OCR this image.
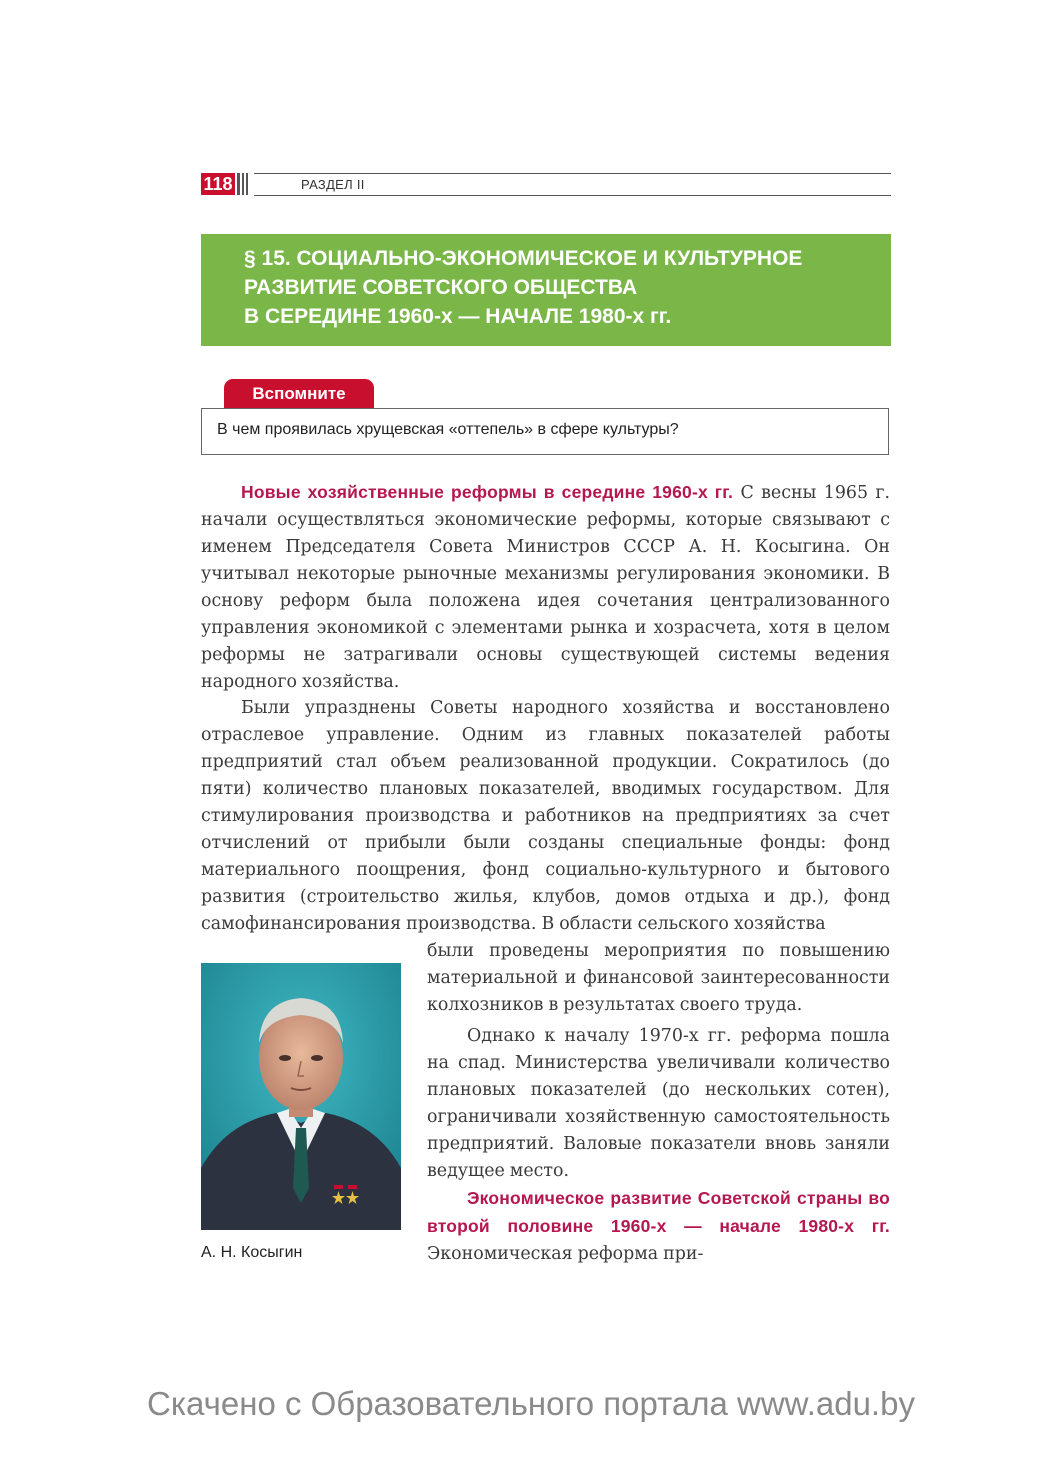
118	РАЗДЕЛ II
§ 15. СОЦИАЛЬНО-ЭКОНОМИЧЕСКОЕ И КУЛЬТУРНОЕ
РАЗВИТИЕ СОВЕТСКОГО ОБЩЕСТВА
В СЕРЕДИНЕ 1960-х — НАЧАЛЕ 1980-х гг.
Вспомните
В чем проявилась хрущевская «оттепель» в сфере культуры?
Новые хозяйственные реформы в середине 1960-х гг. С весны 1965 г. начали осуществляться экономические реформы, которые связывают с именем Председателя Совета Министров СССР А. Н. Косыгина. Он учитывал некоторые рыночные механизмы регулирования экономики. В основу реформ была положена идея сочетания централизованного управления экономикой с элементами рынка и хозрасчета, хотя в целом реформы не затрагивали основы существующей системы ведения народного хозяйства.
Были упразднены Советы народного хозяйства и восстановлено отраслевое управление. Одним из главных показателей работы предприятий стал объем реализованной продукции. Сократилось (до пяти) количество плановых показателей, вводимых государством. Для стимулирования производства и работников на предприятиях за счет отчислений от прибыли были созданы специальные фонды: фонд материального поощрения, фонд социально-культурного и бытового развития (строительство жилья, клубов, домов отдыха и др.), фонд самофинансирования производства. В области сельского хозяйства
были проведены мероприятия по повышению материальной и финансовой заинтересованности колхозников в результатах своего труда.
А. Н. Косыгин
Однако к началу 1970-х гг. реформа пошла на спад. Министерства увеличивали количество плановых показателей (до нескольких сотен), ограничивали хозяйственную самостоятельность предприятий. Валовые показатели вновь заняли ведущее место.
Экономическое развитие Советской страны во второй половине 1960-х — начале 1980-х гг. Экономическая реформа при-
Скачено с Образовательного портала www.adu.by
